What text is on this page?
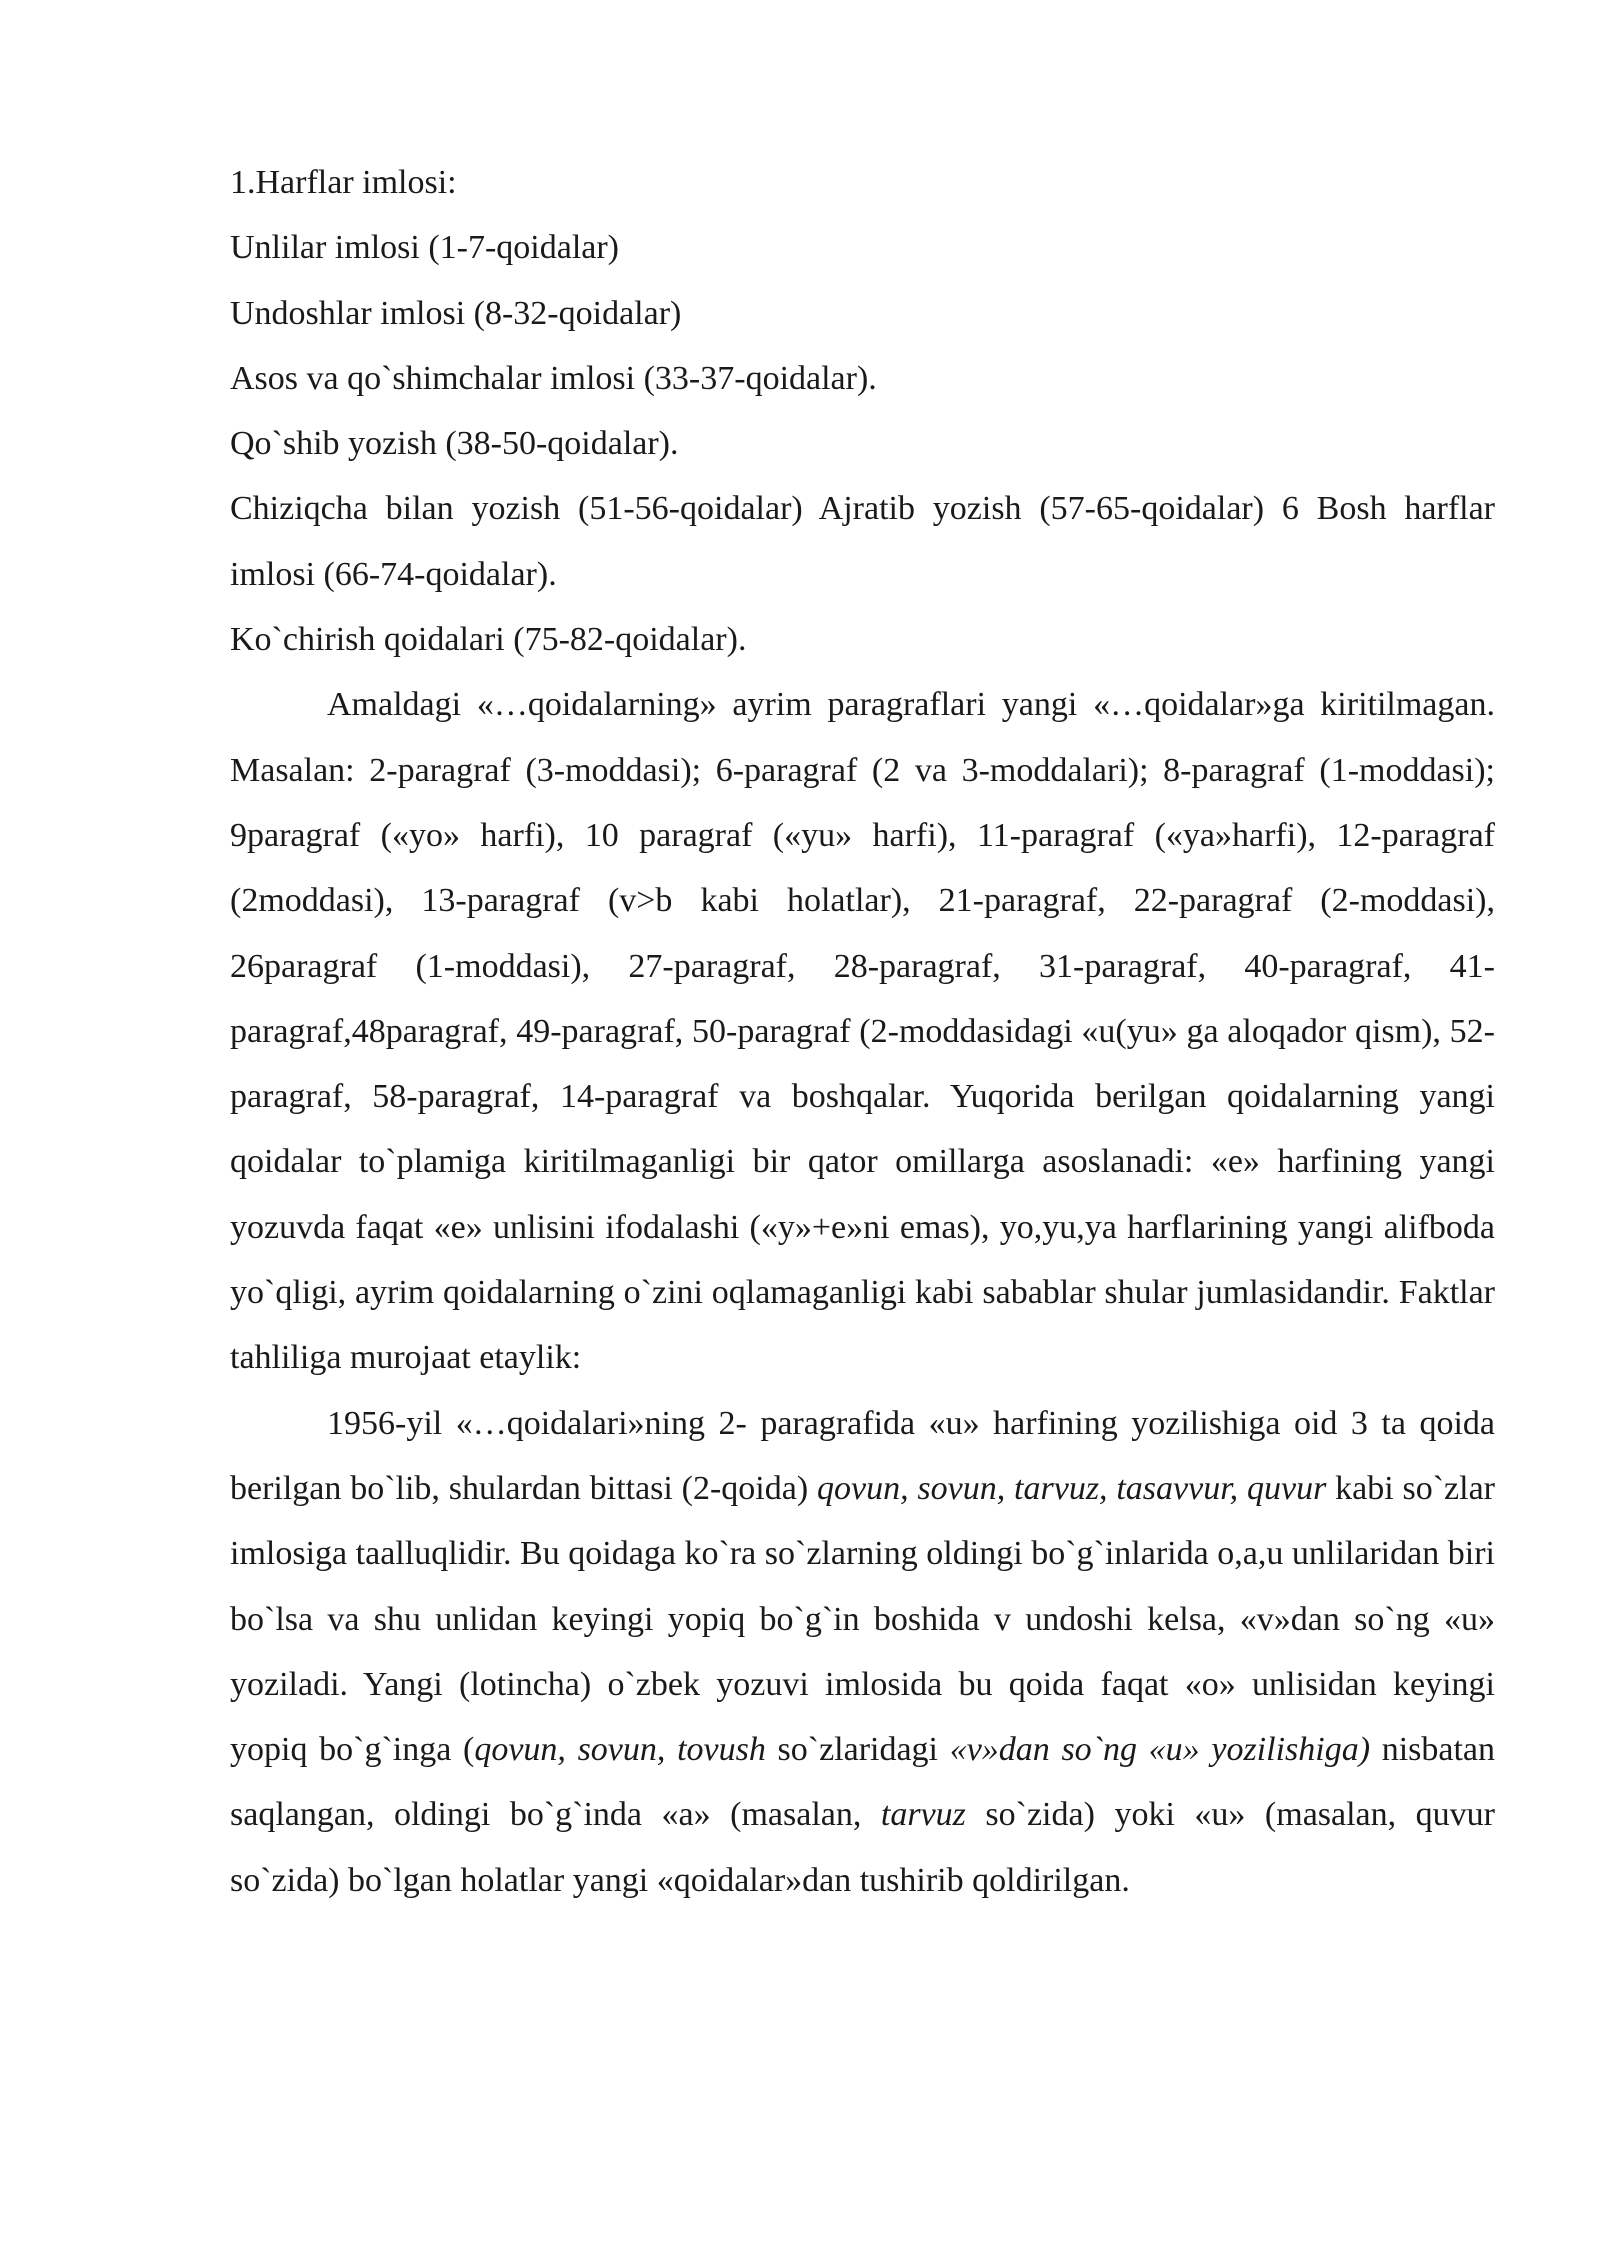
1.Harflar imlosi:

Unlilar imlosi (1-7-qoidalar)

Undoshlar imlosi (8-32-qoidalar)

Asos va qo`shimchalar imlosi (33-37-qoidalar).

Qo`shib yozish (38-50-qoidalar).

Chiziqcha bilan yozish (51-56-qoidalar) Ajratib yozish (57-65-qoidalar) 6 Bosh harflar imlosi (66-74-qoidalar).

Ko`chirish qoidalari (75-82-qoidalar).

Amaldagi «…qoidalarning» ayrim paragraflari yangi «…qoidalar»ga kiritilmagan. Masalan: 2-paragraf (3-moddasi); 6-paragraf (2 va 3-moddalari); 8-paragraf (1-moddasi); 9paragraf («yo» harfi), 10 paragraf («yu» harfi), 11-paragraf («ya»harfi), 12-paragraf (2moddasi), 13-paragraf (v>b kabi holatlar), 21-paragraf, 22-paragraf (2-moddasi), 26paragraf (1-moddasi), 27-paragraf, 28-paragraf, 31-paragraf, 40-paragraf, 41-paragraf,48paragraf, 49-paragraf, 50-paragraf (2-moddasidagi «u(yu» ga aloqador qism), 52-paragraf, 58-paragraf, 14-paragraf va boshqalar. Yuqorida berilgan qoidalarning yangi qoidalar to`plamiga kiritilmaganligi bir qator omillarga asoslanadi: «e» harfining yangi yozuvda faqat «e» unlisini ifodalashi («y»+e»ni emas), yo,yu,ya harflarining yangi alifboda yo`qligi, ayrim qoidalarning o`zini oqlamaganligi kabi sabablar shular jumlasidandir. Faktlar tahliliga murojaat etaylik:

1956-yil «…qoidalari»ning 2- paragrafida «u» harfining yozilishiga oid 3 ta qoida berilgan bo`lib, shulardan bittasi (2-qoida) qovun, sovun, tarvuz, tasavvur, quvur kabi so`zlar imlosiga taalluqlidir. Bu qoidaga ko`ra so`zlarning oldingi bo`g`inlarida o,a,u unlilaridan biri bo`lsa va shu unlidan keyingi yopiq bo`g`in boshida v undoshi kelsa, «v»dan so`ng «u» yoziladi. Yangi (lotincha) o`zbek yozuvi imlosida bu qoida faqat «o» unlisidan keyingi yopiq bo`g`inga (qovun, sovun, tovush so`zlaridagi «v»dan so`ng «u» yozilishiga) nisbatan saqlangan, oldingi bo`g`inda «a» (masalan, tarvuz so`zida) yoki «u» (masalan, quvur so`zida) bo`lgan holatlar yangi «qoidalar»dan tushirib qoldirilgan.
